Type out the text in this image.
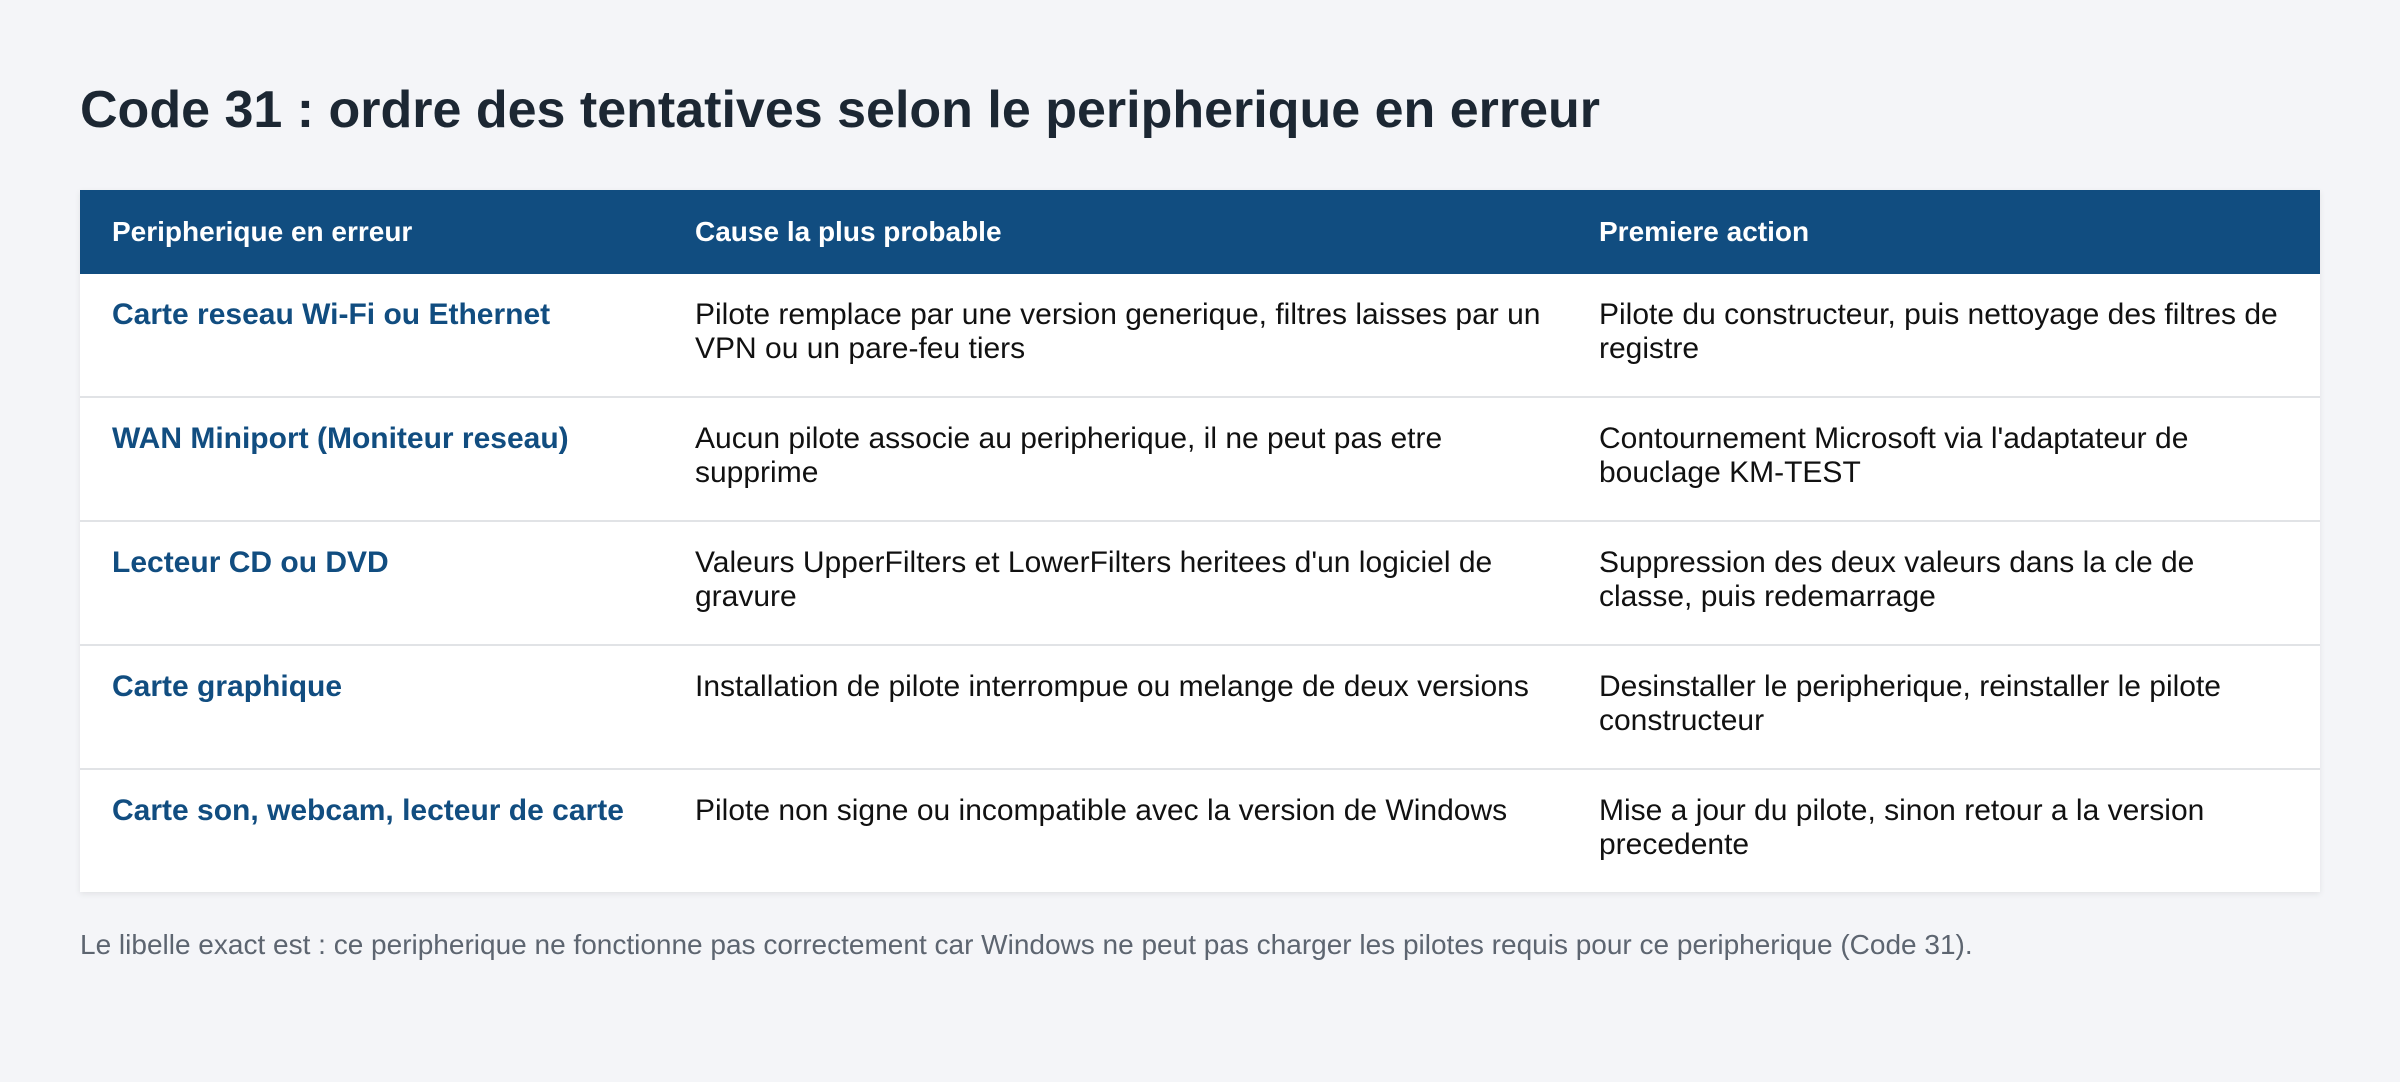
Code 31 : ordre des tentatives selon le peripherique en erreur
Peripherique en erreur	Cause la plus probable	Premiere action
Carte reseau Wi-Fi ou Ethernet	Pilote remplace par une version generique, filtres laisses par un VPN ou un pare-feu tiers	Pilote du constructeur, puis nettoyage des filtres de registre
WAN Miniport (Moniteur reseau)	Aucun pilote associe au peripherique, il ne peut pas etre supprime	Contournement Microsoft via l'adaptateur de bouclage KM-TEST
Lecteur CD ou DVD	Valeurs UpperFilters et LowerFilters heritees d'un logiciel de gravure	Suppression des deux valeurs dans la cle de classe, puis redemarrage
Carte graphique	Installation de pilote interrompue ou melange de deux versions	Desinstaller le peripherique, reinstaller le pilote constructeur
Carte son, webcam, lecteur de carte	Pilote non signe ou incompatible avec la version de Windows	Mise a jour du pilote, sinon retour a la version precedente

Le libelle exact est : ce peripherique ne fonctionne pas correctement car Windows ne peut pas charger les pilotes requis pour ce peripherique (Code 31).
